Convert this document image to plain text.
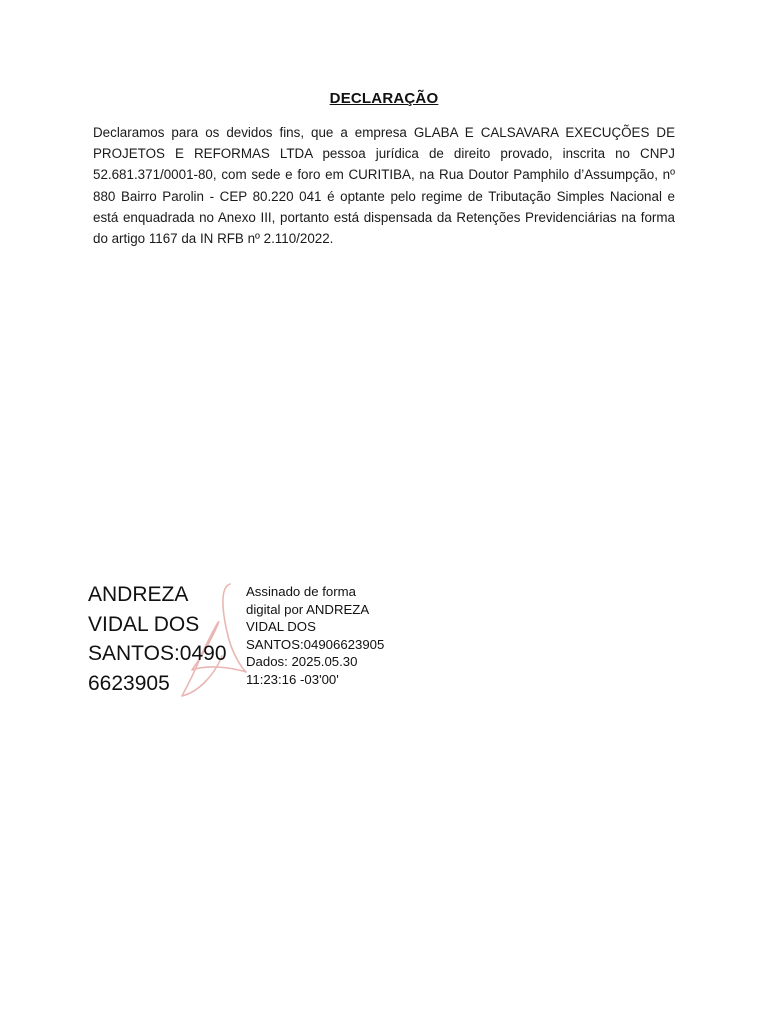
DECLARAÇÃO
Declaramos para os devidos fins, que a empresa GLABA E CALSAVARA EXECUÇÕES DE PROJETOS E REFORMAS LTDA pessoa jurídica de direito provado, inscrita no CNPJ 52.681.371/0001-80, com sede e foro em CURITIBA, na Rua Doutor Pamphilo d’Assumpção, nº 880 Bairro Parolin - CEP 80.220 041 é optante pelo regime de Tributação Simples Nacional e está enquadrada no Anexo III, portanto está dispensada da Retenções Previdenciárias na forma do artigo 1167 da IN RFB nº 2.110/2022.
ANDREZA
VIDAL DOS
SANTOS:0490
6623905
Assinado de forma
digital por ANDREZA
VIDAL DOS
SANTOS:04906623905
Dados: 2025.05.30
11:23:16 -03'00'
